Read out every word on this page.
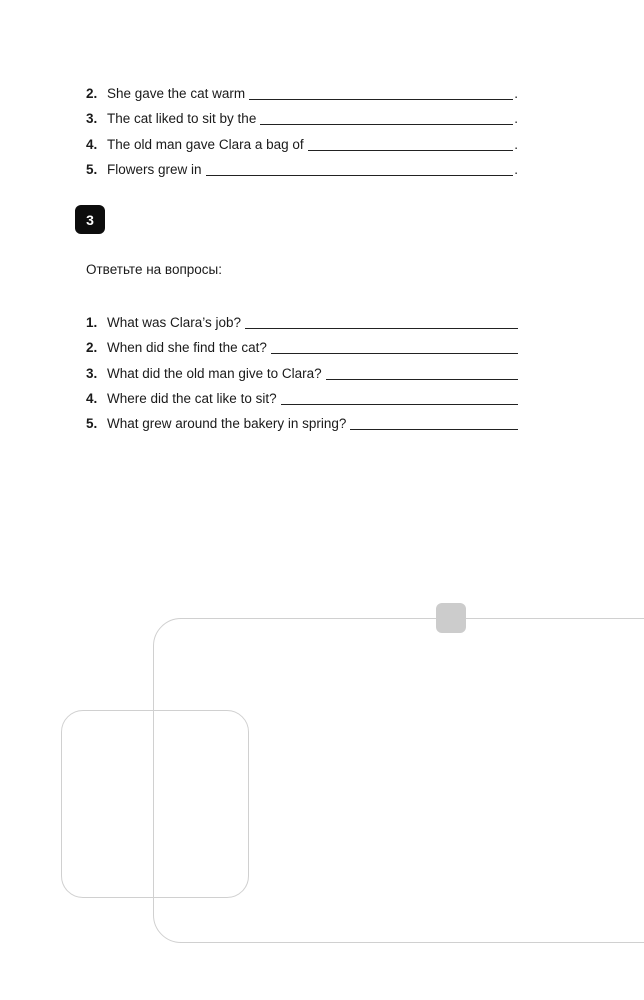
2. She gave the cat warm	.
3. The cat liked to sit by the	.
4. The old man gave Clara a bag of	.
5. Flowers grew in	.
3
Ответьте на вопросы:
1. What was Clara’s job?
2. When did she find the cat?
3. What did the old man give to Clara?
4. Where did the cat like to sit?
5. What grew around the bakery in spring?
